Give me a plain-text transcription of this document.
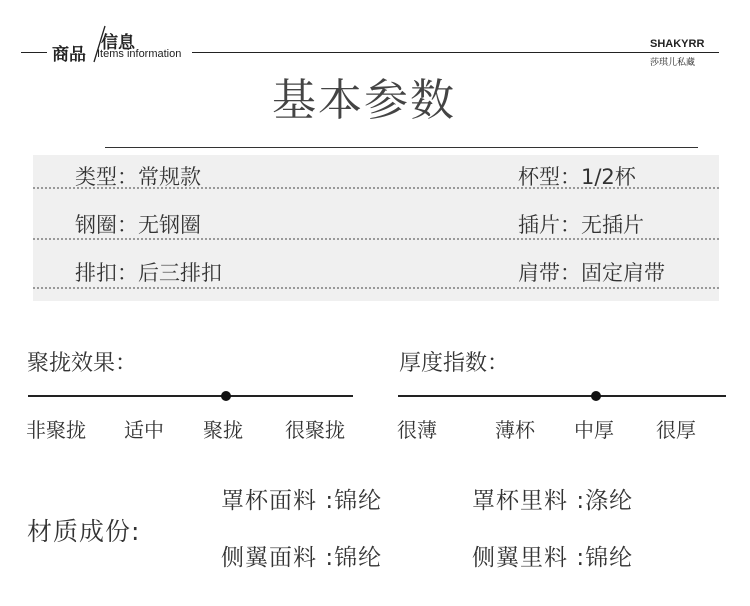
商品
信息
Items information
SHAKYRR
莎琪儿私藏
基本参数
类型：常规款	杯型：1/2杯
钢圈：无钢圈	插片：无插片
排扣：后三排扣	肩带：固定肩带
聚拢效果：
非聚拢 适中 聚拢 很聚拢
厚度指数：
很薄	薄杯 中厚 很厚
材质成份:
罩杯面料 :锦纶	罩杯里料 :涤纶
侧翼面料 :锦纶	侧翼里料 :锦纶
